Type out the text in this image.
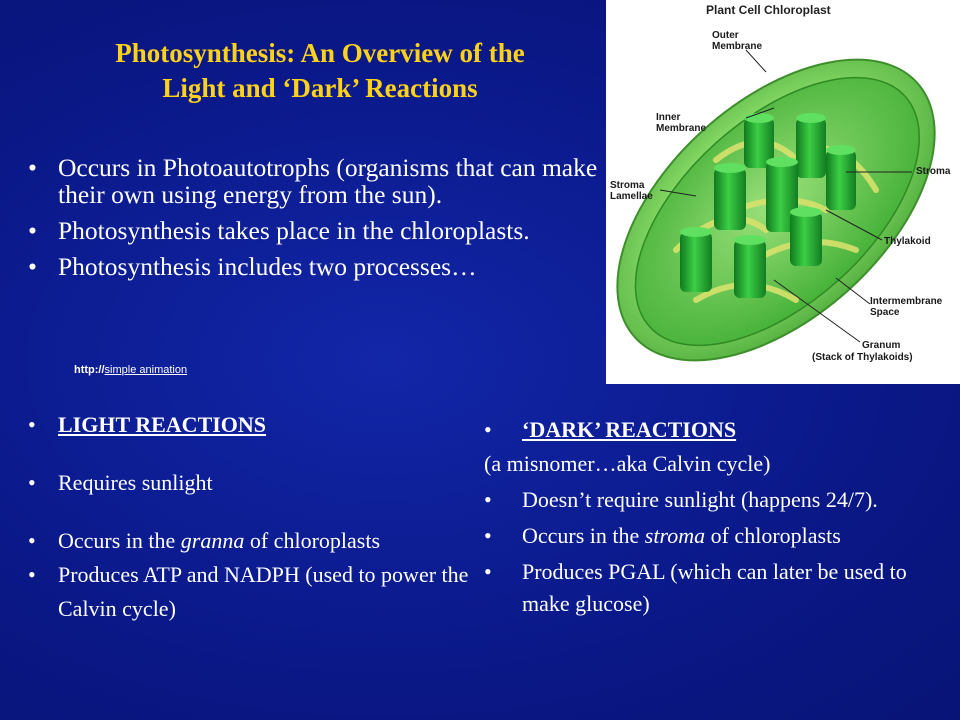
Photosynthesis: An Overview of the
Light and ‘Dark’ Reactions
• Occurs in Photoautotrophs (organisms that can make their own using energy from the sun).
• Photosynthesis takes place in the chloroplasts.
• Photosynthesis includes two processes…
http://simple animation
• LIGHT REACTIONS
• Requires sunlight
• Occurs in the granna of chloroplasts
• Produces ATP and NADPH (used to power the Calvin cycle)
• ‘DARK’ REACTIONS
(a misnomer…aka Calvin cycle)
• Doesn’t require sunlight (happens 24/7).
• Occurs in the stroma of chloroplasts
• Produces PGAL (which can later be used to make glucose)
Plant Cell Chloroplast
Outer Membrane
Inner Membrane
Stroma Lamellae
Stroma
Thylakoid
Intermembrane Space
Granum
(Stack of Thylakoids)
